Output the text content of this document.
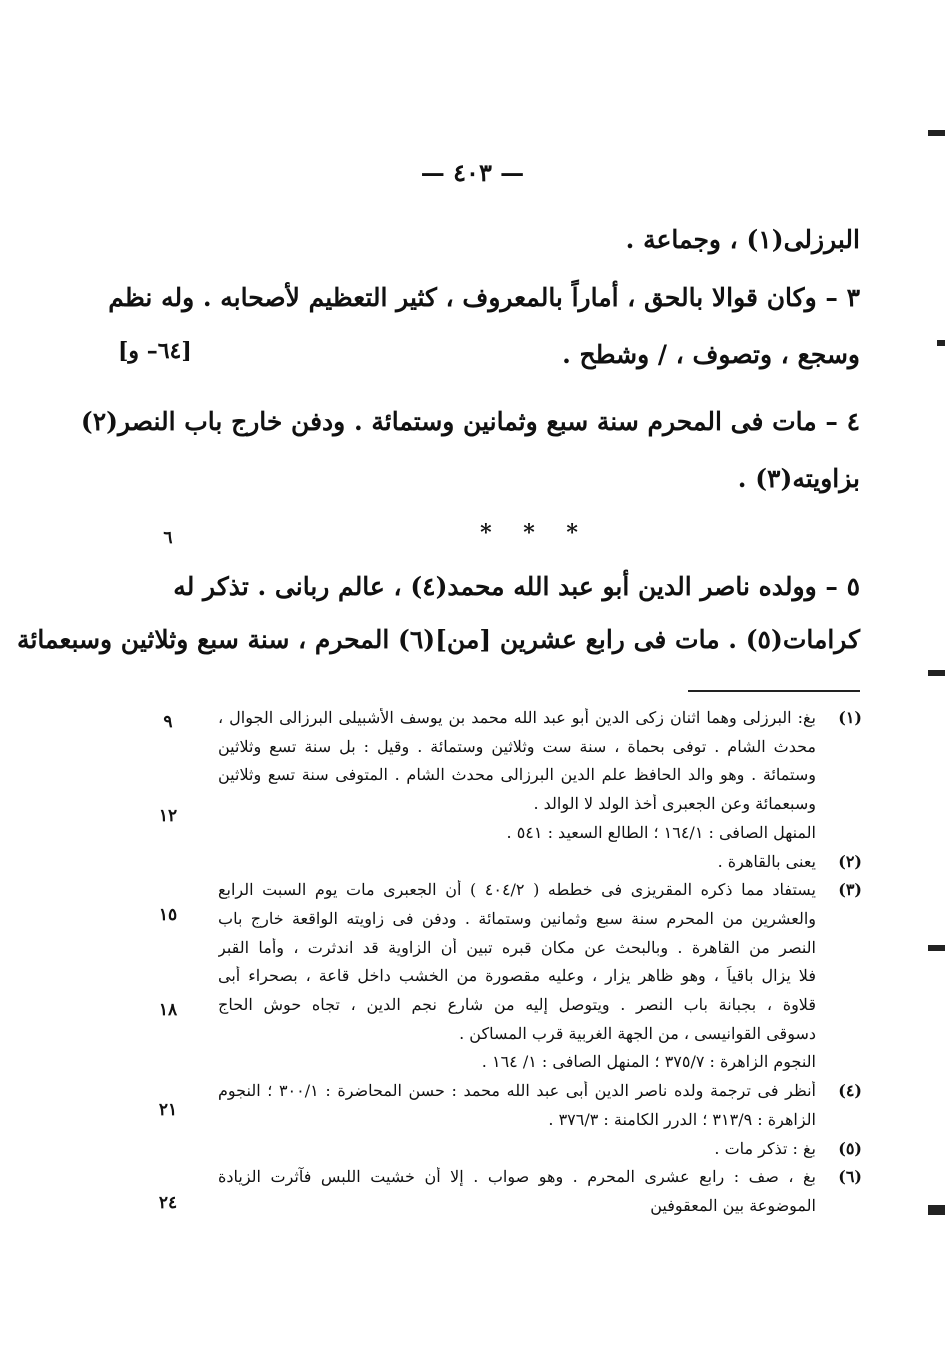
— ٤٠٣ —
البرزلى(١) ، وجماعة .
٣ – وكان قوالا بالحق ، أماراً بالمعروف ، كثير التعظيم لأصحابه . وله نظم
وسجع ، وتصوف ، / وشطح .
٤ – مات فى المحرم سنة سبع وثمانين وستمائة . ودفن خارج باب النصر(٢)
بزاويته(٣) .
٥ – وولده ناصر الدين أبو عبد الله محمد(٤) ، عالم ربانى . تذكر له
كرامات(٥) . مات فى رابع عشرين [من](٦) المحرم ، سنة سبع وثلاثين وسبعمائة
[٦٤– و]
* * *
٦
٩
١٢
١٥
١٨
٢١
٢٤
(١)
بغ: البرزلى وهما اثنان زكى الدين أبو عبد الله محمد بن يوسف الأشبيلى البرزالى الجوال ،
محدث الشام . توفى بحماة ، سنة ست وثلاثين وستمائة . وقيل : بل سنة تسع وثلاثين
وستمائة . وهو والد الحافظ علم الدين البرزالى محدث الشام . المتوفى سنة تسع وثلاثين
وسبعمائة وعن الجعبرى أخذ الولد لا الوالد .
المنهل الصافى : ١٦٤/١ ؛ الطالع السعيد : ٥٤١ .
(٢)
يعنى بالقاهرة .
(٣)
يستفاد مما ذكره المقريزى فى خططه ( ٤٠٤/٢ ) أن الجعبرى مات يوم السبت الرابع
والعشرين من المحرم سنة سبع وثمانين وستمائة . ودفن فى زاويته الواقعة خارج باب
النصر من القاهرة . وبالبحث عن مكان قبره تبين أن الزاوية قد اندثرت ، وأما القبر
فلا يزال باقياً ، وهو ظاهر يزار ، وعليه مقصورة من الخشب داخل قاعة ، بصحراء أبى
قلاوة ، بجبانة باب النصر . ويتوصل إليه من شارع نجم الدين ، تجاه حوش الحاج
دسوقى القوانيسى ، من الجهة الغربية قرب المساكن .
النجوم الزاهرة : ٣٧٥/٧ ؛ المنهل الصافى : ١/ ١٦٤ .
(٤)
أنظر فى ترجمة ولده ناصر الدين أبى عبد الله محمد : حسن المحاضرة : ٣٠٠/١ ؛ النجوم
الزاهرة : ٣١٣/٩ ؛ الدرر الكامنة : ٣٧٦/٣ .
(٥)
بغ : تذكر مات .
(٦)
بغ ، صف : رابع عشرى المحرم . وهو صواب . إلا أن خشيت اللبس فآثرت الزيادة
الموضوعة بين المعقوفين
